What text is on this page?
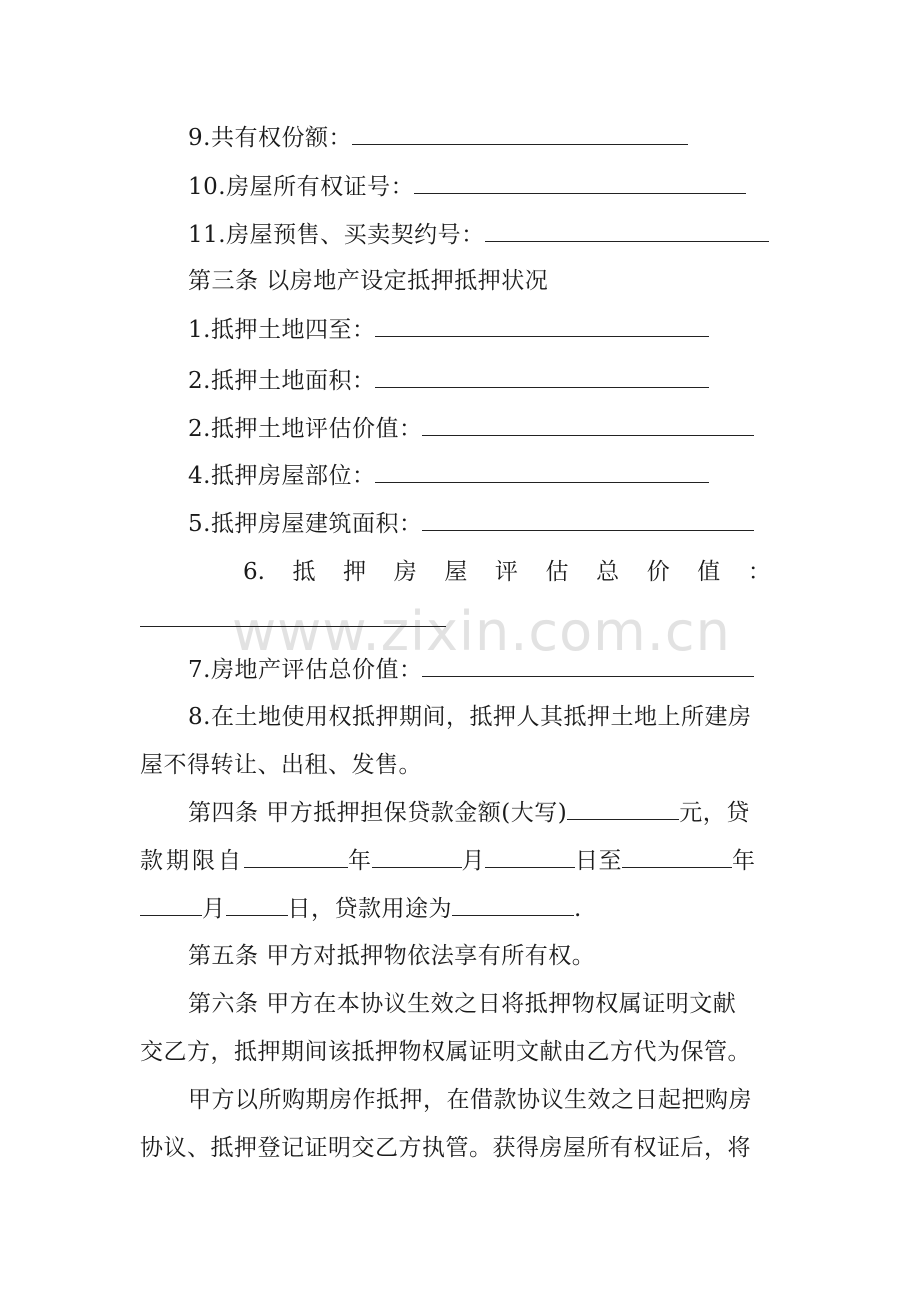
www.zixin.com.cn
9.共有权份额：
10.房屋所有权证号：
11.房屋预售、买卖契约号：
第三条 以房地产设定抵押抵押状况
1.抵押土地四至：
2.抵押土地面积：
2.抵押土地评估价值：
4.抵押房屋部位：
5.抵押房屋建筑面积：
6. 抵 押 房 屋 评 估 总 价 值 ：
7.房地产评估总价值：
8.在土地使用权抵押期间，抵押人其抵押土地上所建房
屋不得转让、出租、发售。
第四条 甲方抵押担保贷款金额(大写)	元，贷
款期限自	年	月	日至	年
月	日，贷款用途为	.
第五条 甲方对抵押物依法享有所有权。
第六条 甲方在本协议生效之日将抵押物权属证明文献
交乙方，抵押期间该抵押物权属证明文献由乙方代为保管。
甲方以所购期房作抵押，在借款协议生效之日起把购房
协议、抵押登记证明交乙方执管。获得房屋所有权证后，将
